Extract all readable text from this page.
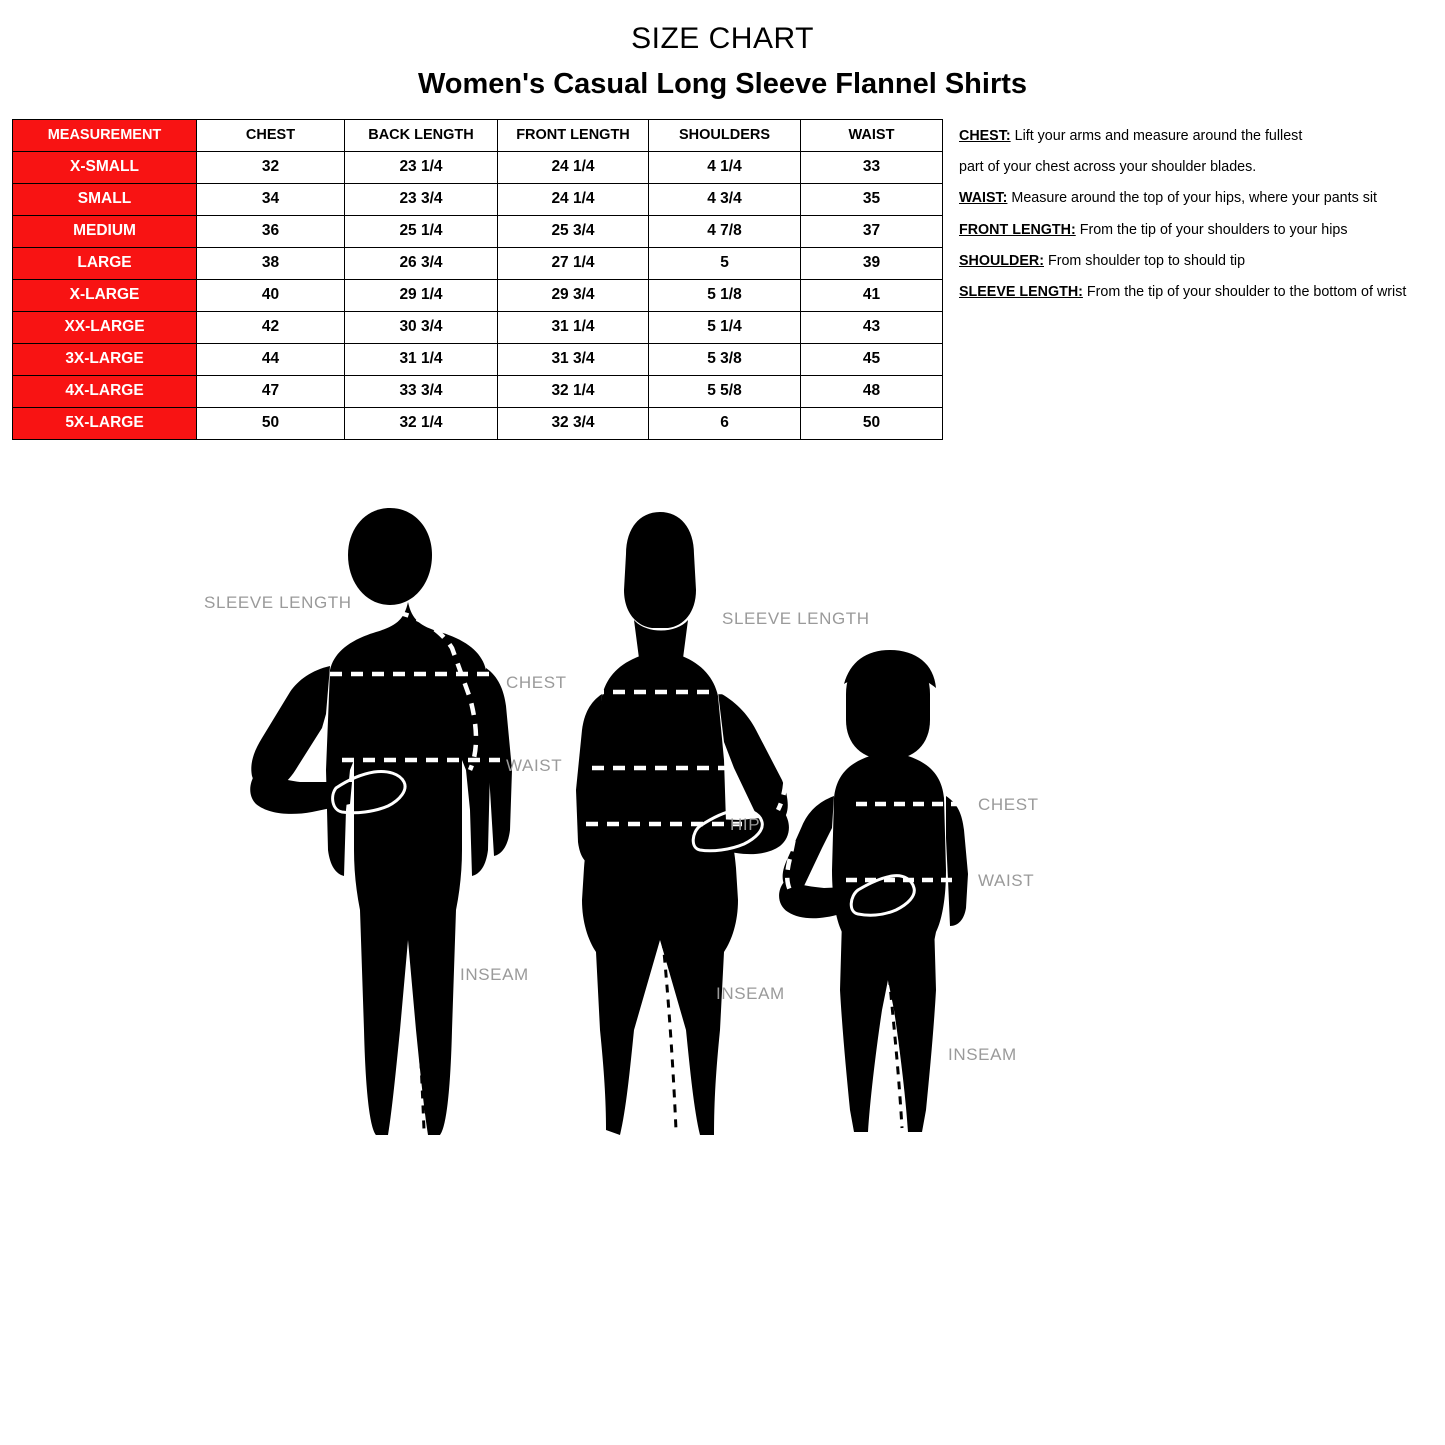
SIZE CHART
Women's Casual Long Sleeve Flannel Shirts
MEASUREMENT	CHEST	BACK LENGTH	FRONT LENGTH	SHOULDERS	WAIST
X-SMALL	32	23 1/4	24 1/4	4 1/4	33
SMALL	34	23 3/4	24 1/4	4 3/4	35
MEDIUM	36	25 1/4	25 3/4	4 7/8	37
LARGE	38	26 3/4	27 1/4	5	39
X-LARGE	40	29 1/4	29 3/4	5 1/8	41
XX-LARGE	42	30 3/4	31 1/4	5 1/4	43
3X-LARGE	44	31 1/4	31 3/4	5 3/8	45
4X-LARGE	47	33 3/4	32 1/4	5 5/8	48
5X-LARGE	50	32 1/4	32 3/4	6	50
CHEST: Lift your arms and measure around the fullest
part of your chest across your shoulder blades.
WAIST: Measure around the top of your hips, where your pants sit
FRONT LENGTH: From the tip of your shoulders to your hips
SHOULDER: From shoulder top to should tip
SLEEVE LENGTH: From the tip of your shoulder to the bottom of wrist
SLEEVE LENGTH
CHEST
WAIST
INSEAM
SLEEVE LENGTH
HIP
INSEAM
CHEST
WAIST
INSEAM
